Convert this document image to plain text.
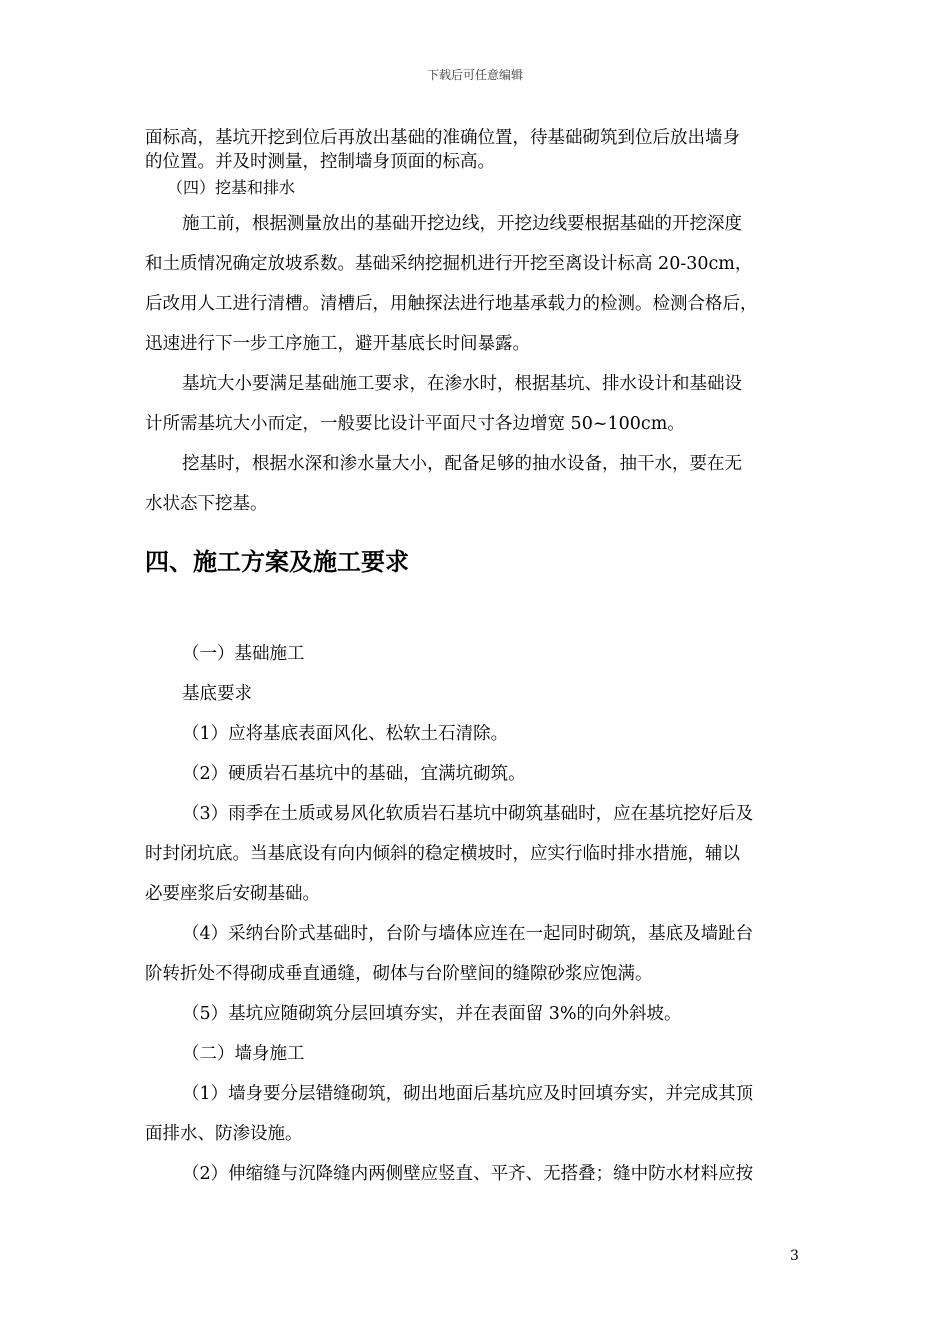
下载后可任意编辑
面标高，基坑开挖到位后再放出基础的准确位置，待基础砌筑到位后放出墙身
的位置。并及时测量，控制墙身顶面的标高。
（四）挖基和排水
施工前，根据测量放出的基础开挖边线，开挖边线要根据基础的开挖深度
和土质情况确定放坡系数。基础采纳挖掘机进行开挖至离设计标高 20-30cm，
后改用人工进行清槽。清槽后，用触探法进行地基承载力的检测。检测合格后，
迅速进行下一步工序施工，避开基底长时间暴露。
基坑大小要满足基础施工要求，在渗水时，根据基坑、排水设计和基础设
计所需基坑大小而定，一般要比设计平面尺寸各边增宽 50~100cm。
挖基时，根据水深和渗水量大小，配备足够的抽水设备，抽干水，要在无
水状态下挖基。
四、施工方案及施工要求
（一）基础施工
基底要求
（1）应将基底表面风化、松软土石清除。
（2）硬质岩石基坑中的基础，宜满坑砌筑。
（3）雨季在土质或易风化软质岩石基坑中砌筑基础时，应在基坑挖好后及
时封闭坑底。当基底设有向内倾斜的稳定横坡时，应实行临时排水措施，辅以
必要座浆后安砌基础。
（4）采纳台阶式基础时，台阶与墙体应连在一起同时砌筑，基底及墙趾台
阶转折处不得砌成垂直通缝，砌体与台阶壁间的缝隙砂浆应饱满。
（5）基坑应随砌筑分层回填夯实，并在表面留 3%的向外斜坡。
（二）墙身施工
（1）墙身要分层错缝砌筑，砌出地面后基坑应及时回填夯实，并完成其顶
面排水、防渗设施。
（2）伸缩缝与沉降缝内两侧壁应竖直、平齐、无搭叠；缝中防水材料应按
3
